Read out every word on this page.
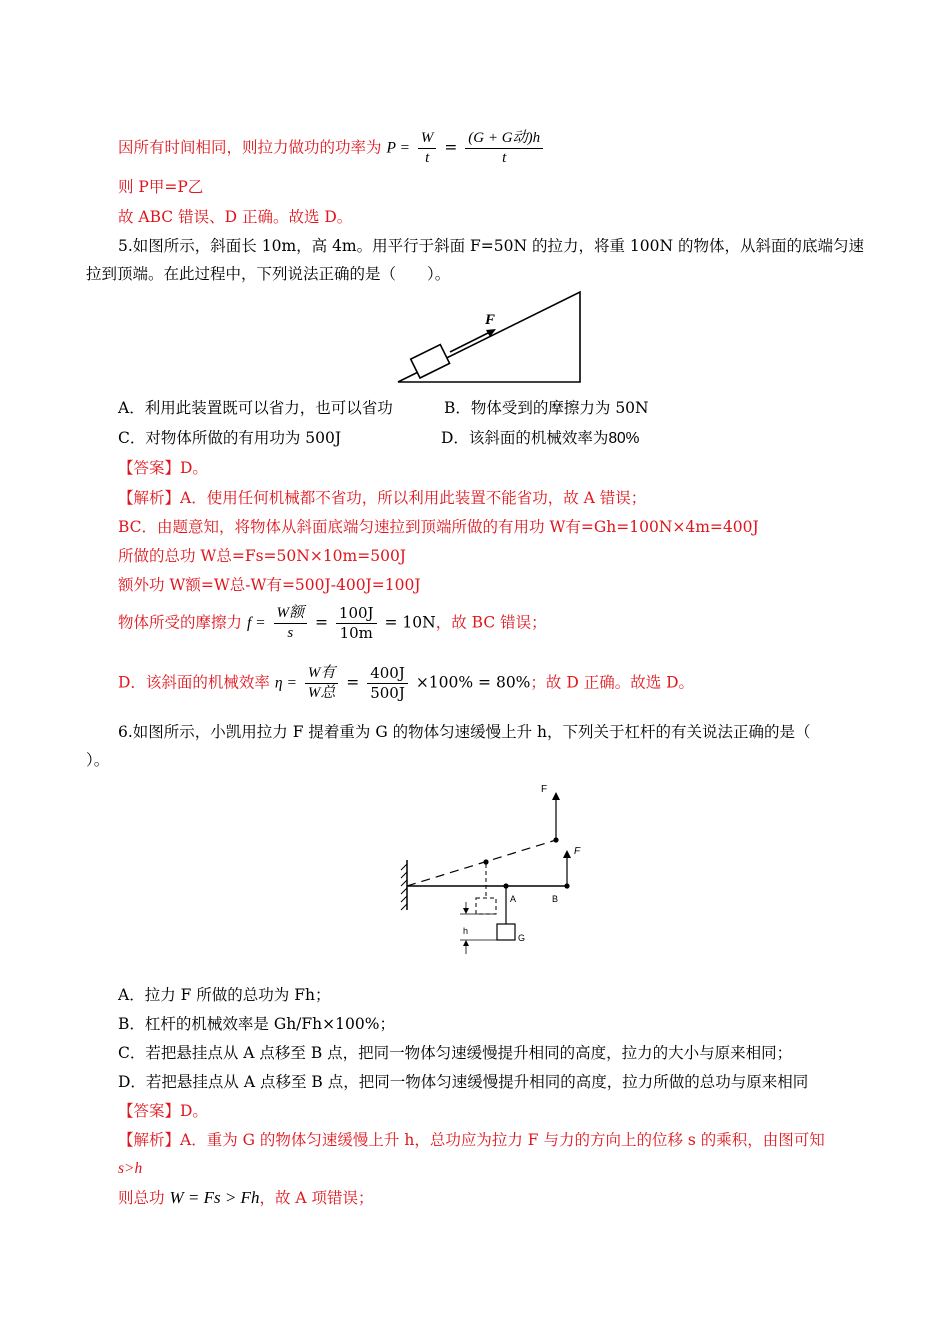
因所有时间相同，则拉力做功的功率为 $P = \frac{W}{t} = \frac{\text{(G + G动)h}}{t}$
则 P甲=P乙
故 ABC 错误、D 正确。故选 D。
5.如图所示，斜面长 10m，高 4m。用平行于斜面 F=50N 的拉力，将重 100N 的物体，从斜面的底端匀速
拉到顶端。在此过程中，下列说法正确的是（　　）。
F
A．利用此装置既可以省力，也可以省功	B．物体受到的摩擦力为 50N
C．对物体所做的有用功为 500J	D．该斜面的机械效率为80%
【答案】D。
【解析】A．使用任何机械都不省功，所以利用此装置不能省功，故 A 错误；
BC．由题意知，将物体从斜面底端匀速拉到顶端所做的有用功 W有=Gh=100N×4m=400J
所做的总功 W总=Fs=50N×10m=500J
额外功 W额=W总-W有=500J-400J=100J
物体所受的摩擦力 $f = \frac{\text{W额}}{s} = \frac{100J}{10m} = 10N$，故 BC 错误；
D．该斜面的机械效率 $\eta = \frac{\text{W有}}{\text{W总}} = \frac{400J}{500J} \times 100\% = 80\%$；故 D 正确。故选 D。
6.如图所示，小凯用拉力 F 提着重为 G 的物体匀速缓慢上升 h，下列关于杠杆的有关说法正确的是（
）。
F
F
A	B
G
h
A．拉力 F 所做的总功为 Fh；
B．杠杆的机械效率是 Gh/Fh×100%；
C．若把悬挂点从 A 点移至 B 点，把同一物体匀速缓慢提升相同的高度，拉力的大小与原来相同；
D．若把悬挂点从 A 点移至 B 点，把同一物体匀速缓慢提升相同的高度，拉力所做的总功与原来相同
【答案】D。
【解析】A．重为 G 的物体匀速缓慢上升 h，总功应为拉力 F 与力的方向上的位移 s 的乘积，由图可知
s>h
则总功 W = Fs > Fh，故 A 项错误；
